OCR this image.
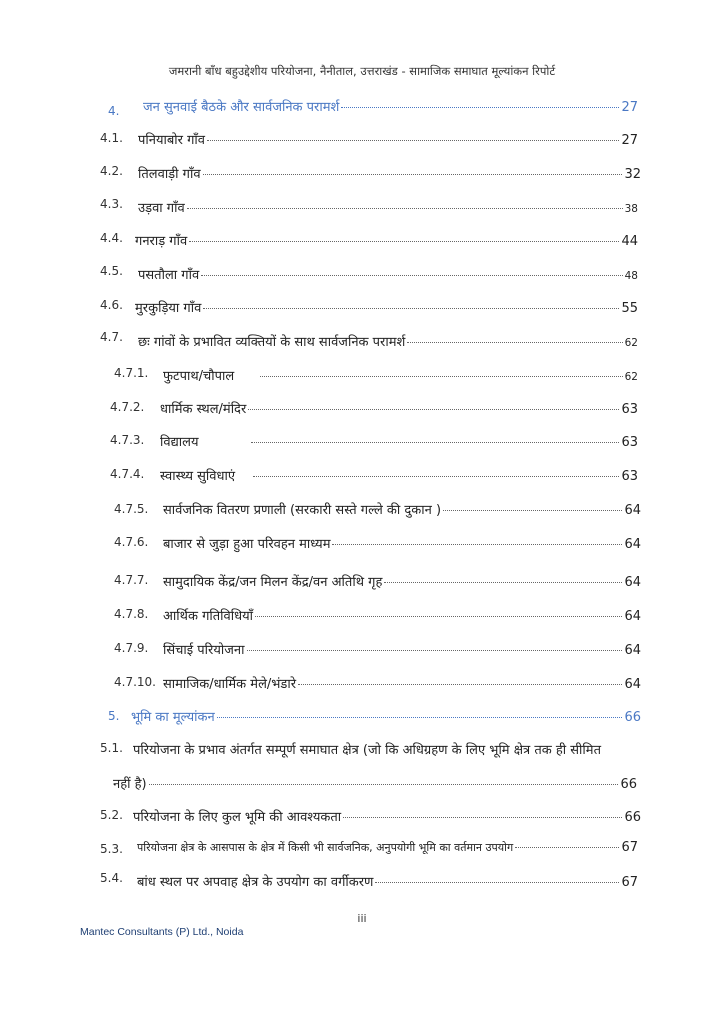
जमरानी बाँध बहुउद्देशीय परियोजना, नैनीताल, उत्तराखंड - सामाजिक समाघात मूल्यांकन रिपोर्ट
4. जन सुनवाई बैठके और सार्वजनिक परामर्श	27
4.1. पनियाबोर गाँव	27
4.2. तिलवाड़ी गाँव	32
4.3. उड़वा गाँव	38
4.4. गनराड़ गाँव	44
4.5. पसतौला गाँव	48
4.6. मुरकुड़िया गाँव	55
4.7. छः गांवों के प्रभावित व्यक्तियों के साथ सार्वजनिक परामर्श	62
4.7.1. फुटपाथ/चौपाल	62
4.7.2. धार्मिक स्थल/मंदिर	63
4.7.3. विद्यालय	63
4.7.4. स्वास्थ्य सुविधाएं	63
4.7.5. सार्वजनिक वितरण प्रणाली (सरकारी सस्ते गल्ले की दुकान )	64
4.7.6. बाजार से जुड़ा हुआ परिवहन माध्यम	64
4.7.7. सामुदायिक केंद्र/जन मिलन केंद्र/वन अतिथि गृह	64
4.7.8. आर्थिक गतिविधियाँ	64
4.7.9. सिंचाई परियोजना	64
4.7.10. सामाजिक/धार्मिक मेले/भंडारे	64
5. भूमि का मूल्यांकन	66
5.1. परियोजना के प्रभाव अंतर्गत सम्पूर्ण समाघात क्षेत्र (जो कि अधिग्रहण के लिए भूमि क्षेत्र तक ही सीमित
नहीं है)	66
5.2. परियोजना के लिए कुल भूमि की आवश्यकता	66
5.3. परियोजना क्षेत्र के आसपास के क्षेत्र में किसी भी सार्वजनिक, अनुपयोगी भूमि का वर्तमान उपयोग	67
5.4. बांध स्थल पर अपवाह क्षेत्र के उपयोग का वर्गीकरण	67
iii
Mantec Consultants (P) Ltd., Noida
